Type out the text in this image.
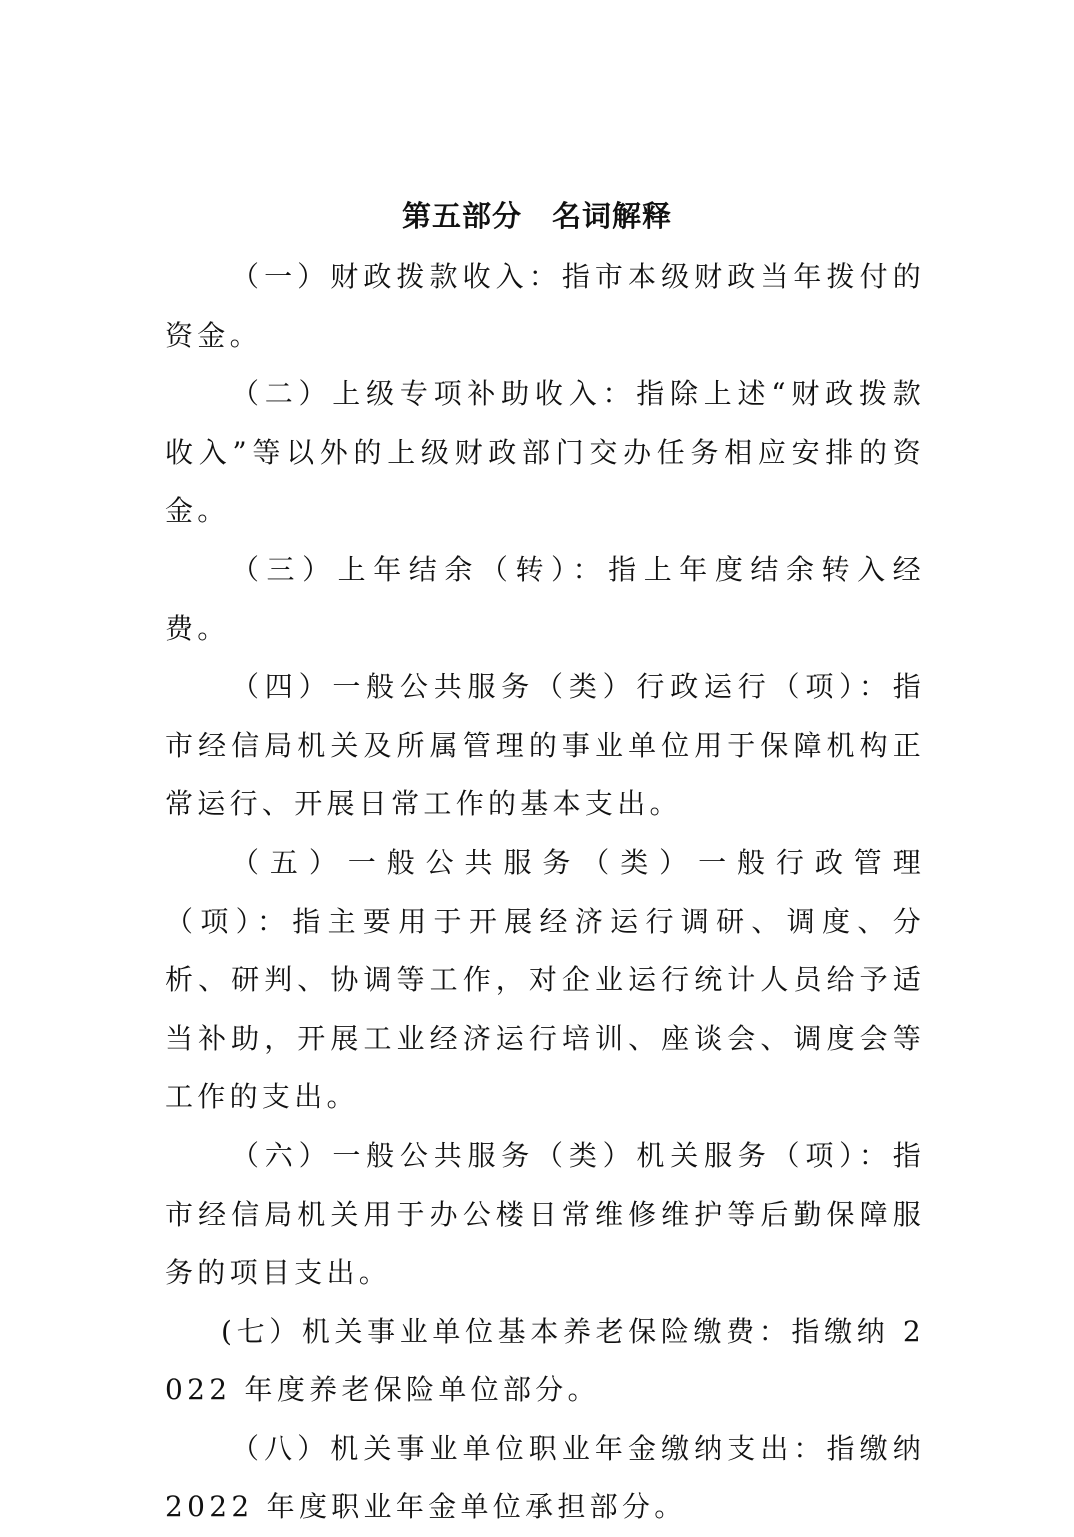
第五部分　名词解释

（一）财政拨款收入：指市本级财政当年拨付的资金。

（二）上级专项补助收入：指除上述“财政拨款收入”等以外的上级财政部门交办任务相应安排的资金。

（三）上年结余（转）：指上年度结余转入经费。

（四）一般公共服务（类）行政运行（项）：指市经信局机关及所属管理的事业单位用于保障机构正常运行、开展日常工作的基本支出。

（五）一般公共服务（类）一般行政管理（项）：指主要用于开展经济运行调研、调度、分析、研判、协调等工作，对企业运行统计人员给予适当补助，开展工业经济运行培训、座谈会、调度会等工作的支出。

（六）一般公共服务（类）机关服务（项）：指市经信局机关用于办公楼日常维修维护等后勤保障服务的项目支出。

(七）机关事业单位基本养老保险缴费：指缴纳 2022 年度养老保险单位部分。

（八）机关事业单位职业年金缴纳支出：指缴纳 2022 年度职业年金单位承担部分。
